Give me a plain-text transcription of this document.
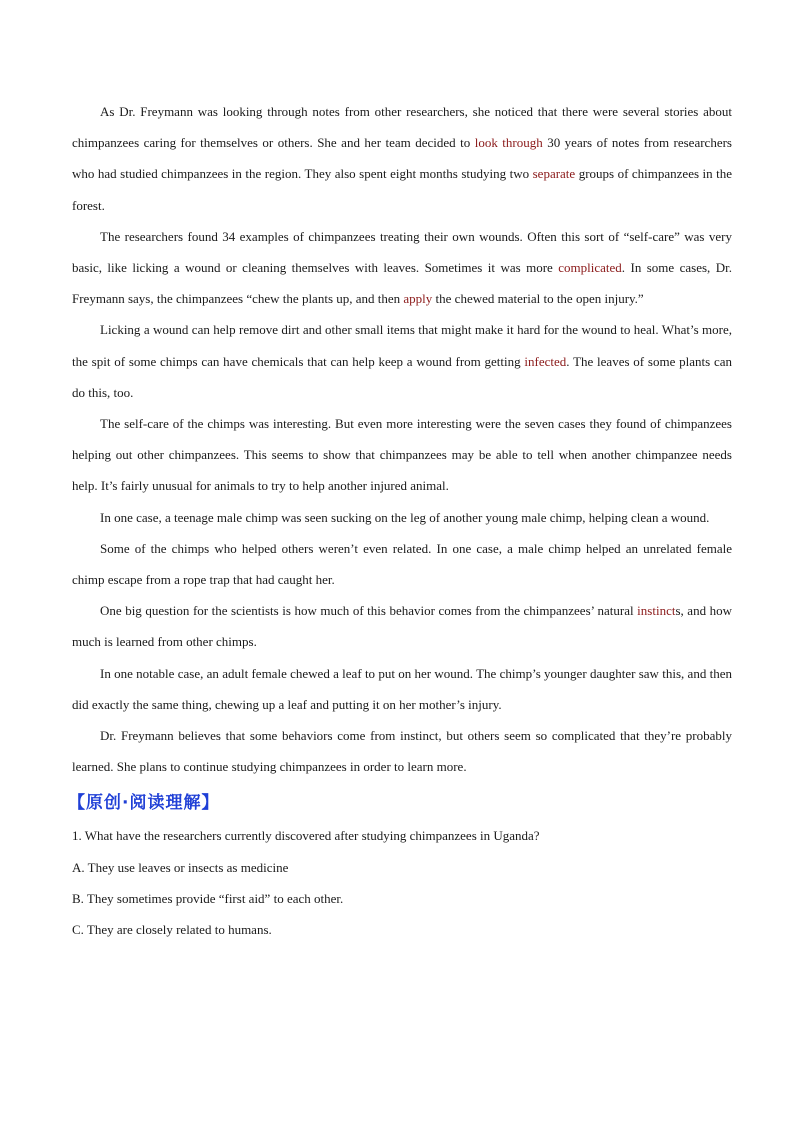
As Dr. Freymann was looking through notes from other researchers, she noticed that there were several stories about chimpanzees caring for themselves or others. She and her team decided to look through 30 years of notes from researchers who had studied chimpanzees in the region. They also spent eight months studying two separate groups of chimpanzees in the forest.

The researchers found 34 examples of chimpanzees treating their own wounds. Often this sort of “self-care” was very basic, like licking a wound or cleaning themselves with leaves. Sometimes it was more complicated. In some cases, Dr. Freymann says, the chimpanzees “chew the plants up, and then apply the chewed material to the open injury.”

Licking a wound can help remove dirt and other small items that might make it hard for the wound to heal. What’s more, the spit of some chimps can have chemicals that can help keep a wound from getting infected. The leaves of some plants can do this, too.

The self-care of the chimps was interesting. But even more interesting were the seven cases they found of chimpanzees helping out other chimpanzees. This seems to show that chimpanzees may be able to tell when another chimpanzee needs help. It’s fairly unusual for animals to try to help another injured animal.

In one case, a teenage male chimp was seen sucking on the leg of another young male chimp, helping clean a wound.

Some of the chimps who helped others weren’t even related. In one case, a male chimp helped an unrelated female chimp escape from a rope trap that had caught her.

One big question for the scientists is how much of this behavior comes from the chimpanzees’ natural instincts, and how much is learned from other chimps.

In one notable case, an adult female chewed a leaf to put on her wound. The chimp’s younger daughter saw this, and then did exactly the same thing, chewing up a leaf and putting it on her mother’s injury.

Dr. Freymann believes that some behaviors come from instinct, but others seem so complicated that they’re probably learned. She plans to continue studying chimpanzees in order to learn more.

【原创·阅读理解】

1. What have the researchers currently discovered after studying chimpanzees in Uganda?

A. They use leaves or insects as medicine

B. They sometimes provide “first aid” to each other.

C. They are closely related to humans.
